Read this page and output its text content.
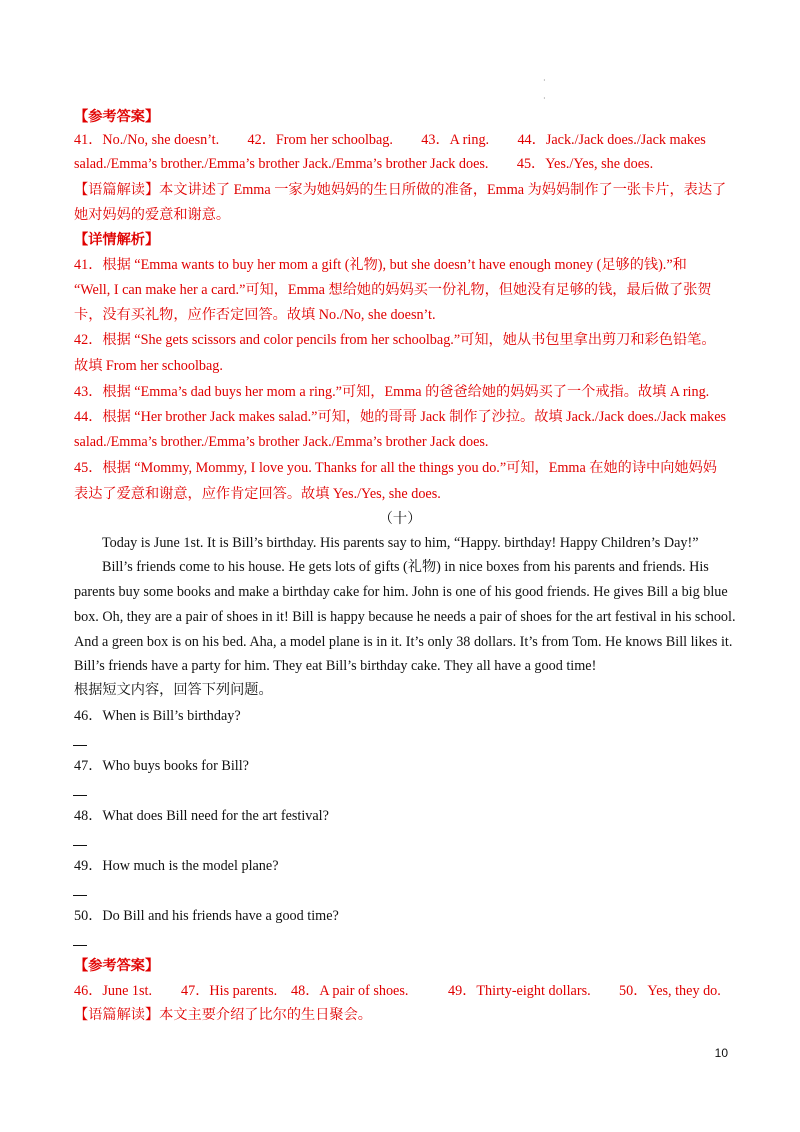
·
·
【参考答案】
41．No./No, she doesn’t.　　42．From her schoolbag.　　43．A ring.　　44．Jack./Jack does./Jack makes
salad./Emma’s brother./Emma’s brother Jack./Emma’s brother Jack does.　　45．Yes./Yes, she does.
【语篇解读】本文讲述了 Emma 一家为她妈妈的生日所做的准备，Emma 为妈妈制作了一张卡片，表达了
她对妈妈的爱意和谢意。
【详情解析】
41．根据 “Emma wants to buy her mom a gift (礼物), but she doesn’t have enough money (足够的钱).”和
“Well, I can make her a card.”可知，Emma 想给她的妈妈买一份礼物，但她没有足够的钱，最后做了张贺
卡，没有买礼物，应作否定回答。故填 No./No, she doesn’t.
42．根据 “She gets scissors and color pencils from her schoolbag.”可知，她从书包里拿出剪刀和彩色铅笔。
故填 From her schoolbag.
43．根据 “Emma’s dad buys her mom a ring.”可知，Emma 的爸爸给她的妈妈买了一个戒指。故填 A ring.
44．根据 “Her brother Jack makes salad.”可知，她的哥哥 Jack 制作了沙拉。故填 Jack./Jack does./Jack makes
salad./Emma’s brother./Emma’s brother Jack./Emma’s brother Jack does.
45．根据 “Mommy, Mommy, I love you. Thanks for all the things you do.”可知，Emma 在她的诗中向她妈妈
表达了爱意和谢意，应作肯定回答。故填 Yes./Yes, she does.
（十）
Today is June 1st. It is Bill’s birthday. His parents say to him, “Happy. birthday! Happy Children’s Day!”
Bill’s friends come to his house. He gets lots of gifts (礼物) in nice boxes from his parents and friends. His
parents buy some books and make a birthday cake for him. John is one of his good friends. He gives Bill a big blue
box. Oh, they are a pair of shoes in it! Bill is happy because he needs a pair of shoes for the art festival in his school.
And a green box is on his bed. Aha, a model plane is in it. It’s only 38 dollars. It’s from Tom. He knows Bill likes it.
Bill’s friends have a party for him. They eat Bill’s birthday cake. They all have a good time!
根据短文内容，回答下列问题。
46．When is Bill’s birthday?
47．Who buys books for Bill?
48．What does Bill need for the art festival?
49．How much is the model plane?
50．Do Bill and his friends have a good time?
【参考答案】
46．June 1st. 47．His parents. 48．A pair of shoes.	49．Thirty-eight dollars. 50．Yes, they do.
【语篇解读】本文主要介绍了比尔的生日聚会。
10
